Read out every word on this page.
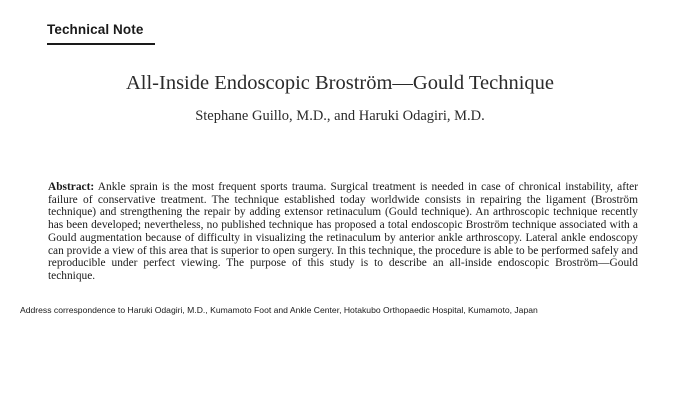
Technical Note
All-Inside Endoscopic Broström—Gould Technique
Stephane Guillo, M.D., and Haruki Odagiri, M.D.
Abstract: Ankle sprain is the most frequent sports trauma. Surgical treatment is needed in case of chronical instability, after failure of conservative treatment. The technique established today worldwide consists in repairing the ligament (Broström technique) and strengthening the repair by adding extensor retinaculum (Gould technique). An arthroscopic technique recently has been developed; nevertheless, no published technique has proposed a total endoscopic Broström technique associated with a Gould augmentation because of difficulty in visualizing the retinaculum by anterior ankle arthroscopy. Lateral ankle endoscopy can provide a view of this area that is superior to open surgery. In this technique, the procedure is able to be performed safely and reproducible under perfect viewing. The purpose of this study is to describe an all-inside endoscopic Broström—Gould technique.
Address correspondence to Haruki Odagiri, M.D., Kumamoto Foot and Ankle Center, Hotakubo Orthopaedic Hospital, Kumamoto, Japan
